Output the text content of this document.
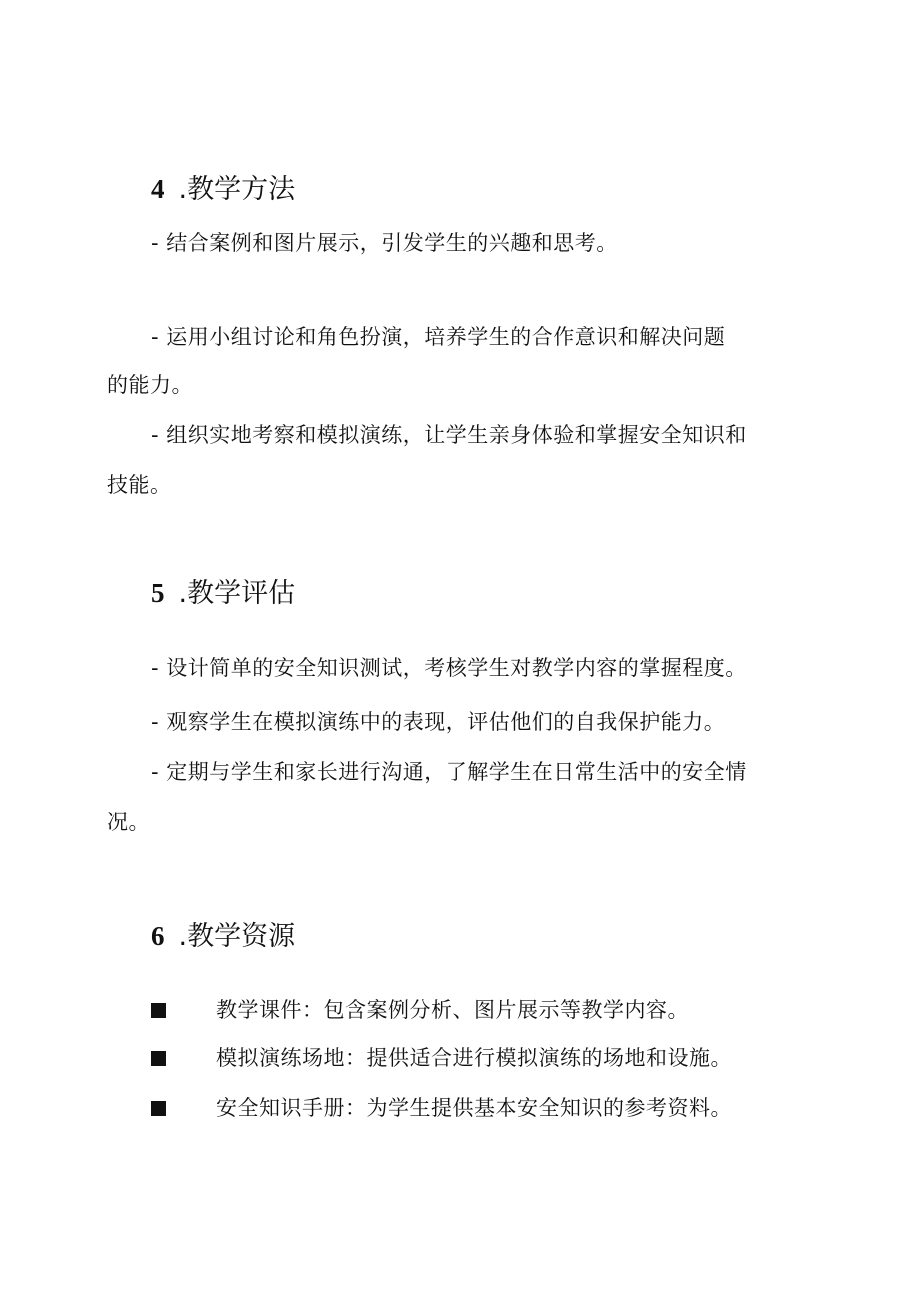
4 .教学方法

- 结合案例和图片展示，引发学生的兴趣和思考。

- 运用小组讨论和角色扮演，培养学生的合作意识和解决问题

的能力。

- 组织实地考察和模拟演练，让学生亲身体验和掌握安全知识和

技能。

5 .教学评估

- 设计简单的安全知识测试，考核学生对教学内容的掌握程度。

- 观察学生在模拟演练中的表现，评估他们的自我保护能力。

- 定期与学生和家长进行沟通，了解学生在日常生活中的安全情

况。

6 .教学资源
教学课件：包含案例分析、图片展示等教学内容。
模拟演练场地：提供适合进行模拟演练的场地和设施。
安全知识手册：为学生提供基本安全知识的参考资料。
